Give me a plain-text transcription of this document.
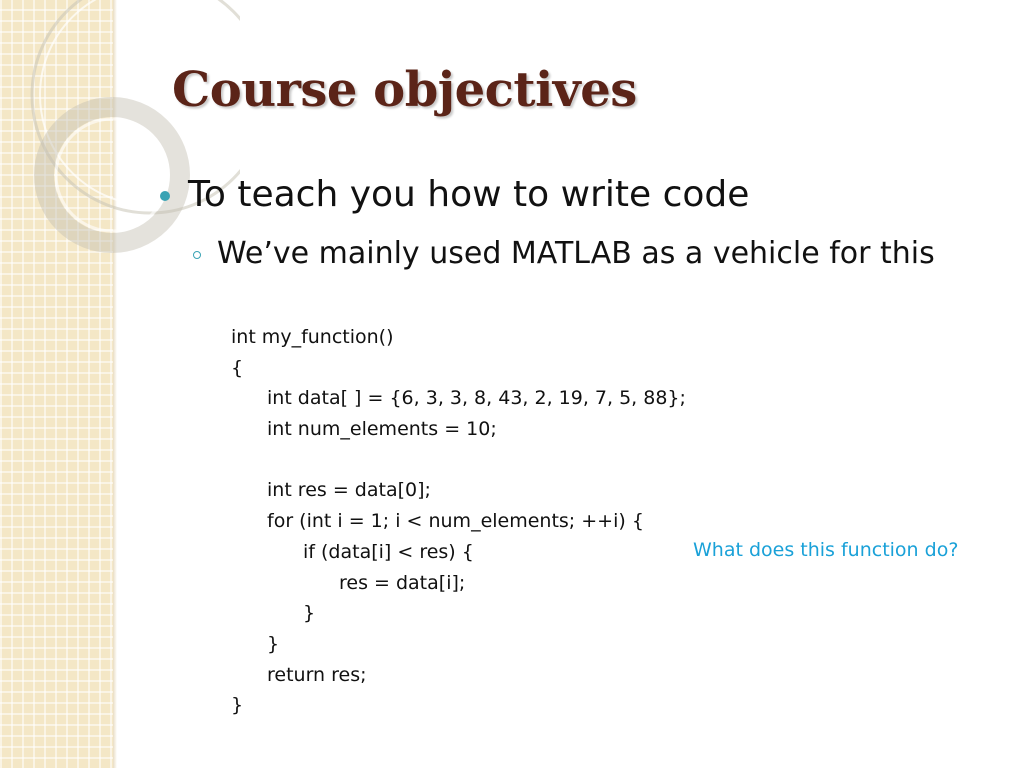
Course objectives
To teach you how to write code
We’ve mainly used MATLAB as a vehicle for this
int my_function()
{
int data[ ] = {6, 3, 3, 8, 43, 2, 19, 7, 5, 88};
int num_elements = 10;
int res = data[0];
for (int i = 1; i < num_elements; ++i) {
if (data[i] < res) {
res = data[i];
}
}
return res;
}
What does this function do?
